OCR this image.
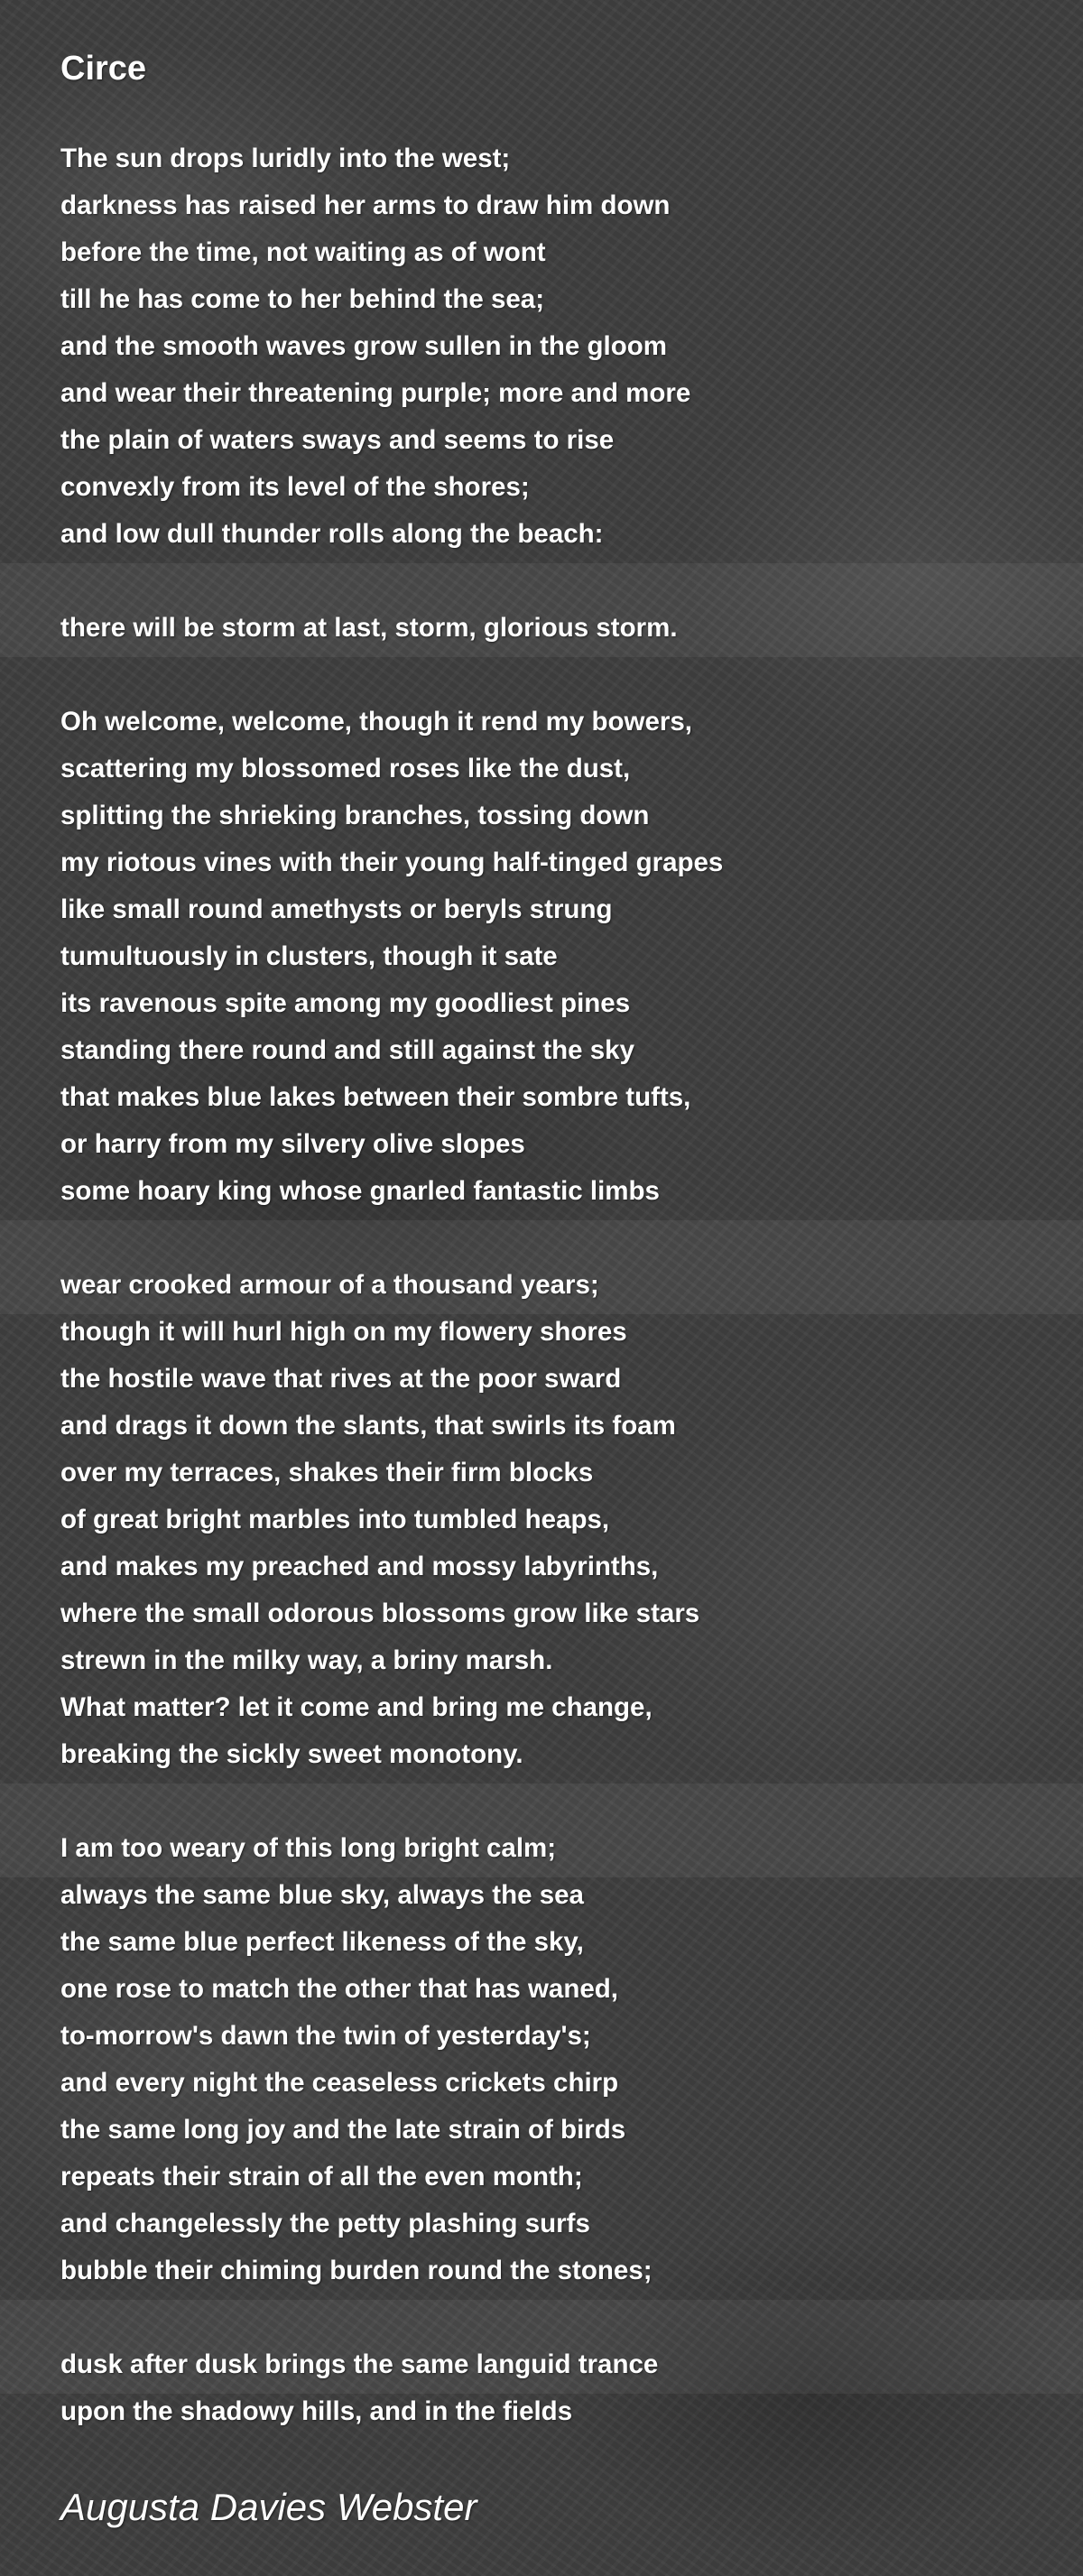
Circe
The sun drops luridly into the west;
darkness has raised her arms to draw him down
before the time, not waiting as of wont
till he has come to her behind the sea;
and the smooth waves grow sullen in the gloom
and wear their threatening purple; more and more
the plain of waters sways and seems to rise
convexly from its level of the shores;
and low dull thunder rolls along the beach:
there will be storm at last, storm, glorious storm.
Oh welcome, welcome, though it rend my bowers,
scattering my blossomed roses like the dust,
splitting the shrieking branches, tossing down
my riotous vines with their young half-tinged grapes
like small round amethysts or beryls strung
tumultuously in clusters, though it sate
its ravenous spite among my goodliest pines
standing there round and still against the sky
that makes blue lakes between their sombre tufts,
or harry from my silvery olive slopes
some hoary king whose gnarled fantastic limbs
wear crooked armour of a thousand years;
though it will hurl high on my flowery shores
the hostile wave that rives at the poor sward
and drags it down the slants, that swirls its foam
over my terraces, shakes their firm blocks
of great bright marbles into tumbled heaps,
and makes my preached and mossy labyrinths,
where the small odorous blossoms grow like stars
strewn in the milky way, a briny marsh.
What matter? let it come and bring me change,
breaking the sickly sweet monotony.
I am too weary of this long bright calm;
always the same blue sky, always the sea
the same blue perfect likeness of the sky,
one rose to match the other that has waned,
to-morrow's dawn the twin of yesterday's;
and every night the ceaseless crickets chirp
the same long joy and the late strain of birds
repeats their strain of all the even month;
and changelessly the petty plashing surfs
bubble their chiming burden round the stones;
dusk after dusk brings the same languid trance
upon the shadowy hills, and in the fields

Augusta Davies Webster
